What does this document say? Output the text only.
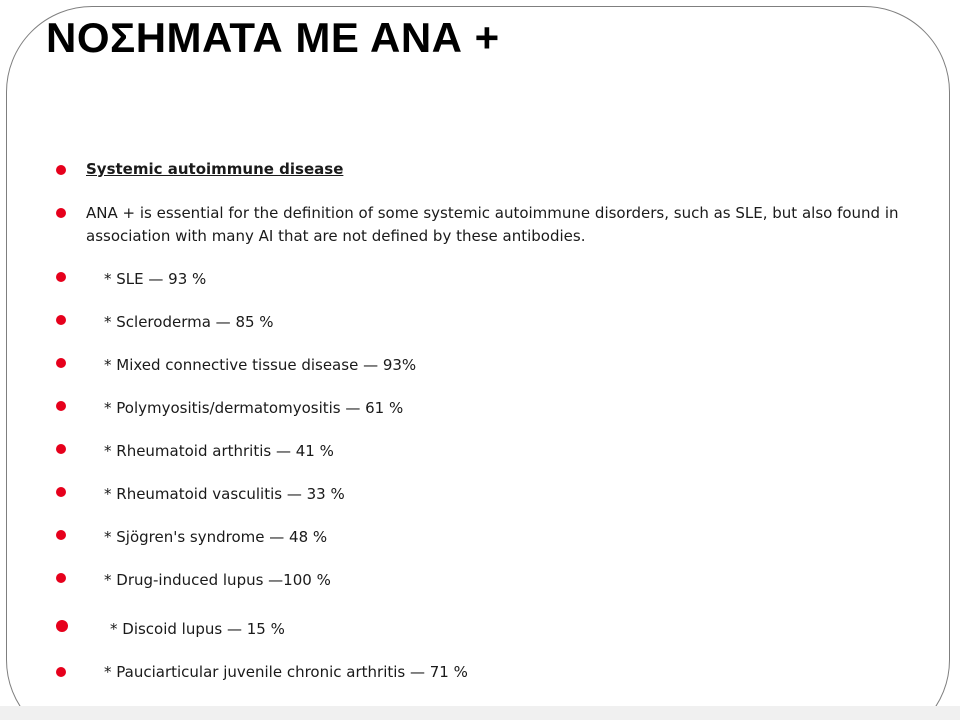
ΝΟΣΗΜΑΤΑ ΜΕ ΑΝΑ +
Systemic autoimmune disease
ANA + is essential for the definition of some systemic autoimmune disorders, such as SLE, but also found in association with many AI that are not defined by these antibodies.
* SLE — 93 %
* Scleroderma — 85 %
* Mixed connective tissue disease — 93%
* Polymyositis/dermatomyositis — 61 %
* Rheumatoid arthritis — 41 %
* Rheumatoid vasculitis — 33 %
* Sjögren's syndrome — 48 %
* Drug-induced lupus —100 %
* Discoid lupus — 15 %
* Pauciarticular juvenile chronic arthritis — 71 %
